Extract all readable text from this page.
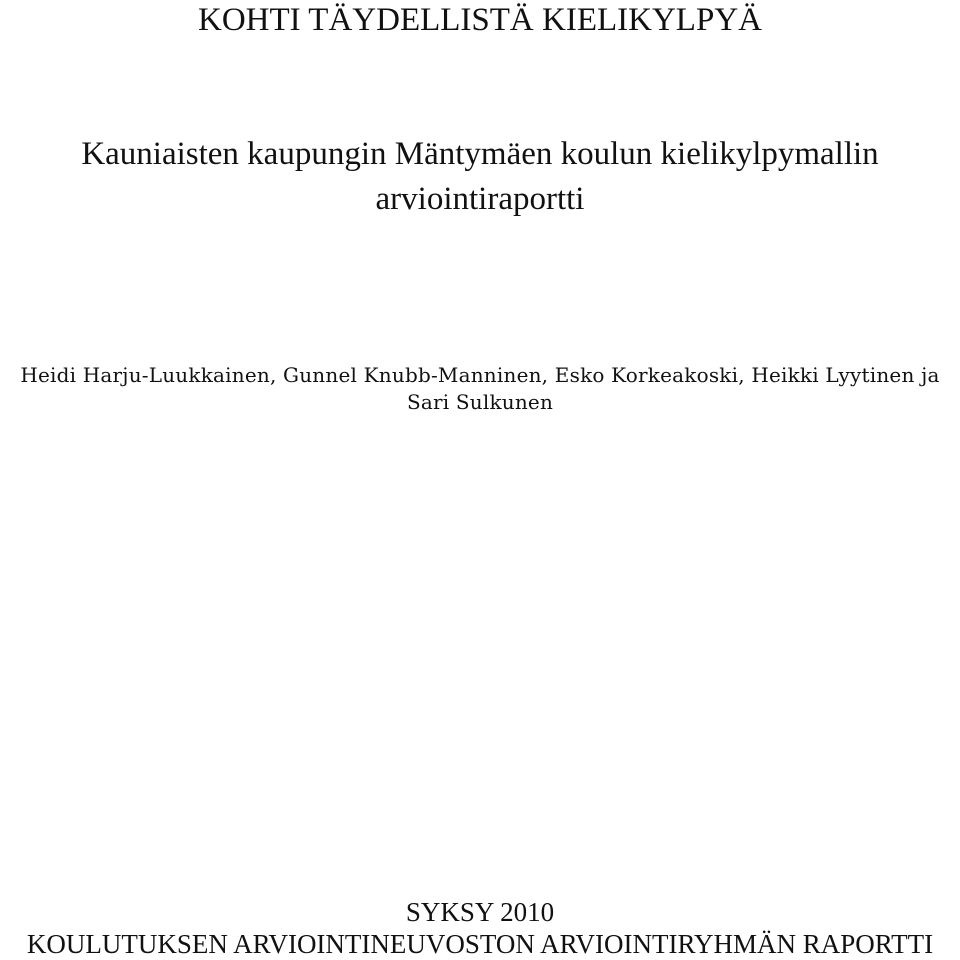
KOHTI TÄYDELLISTÄ KIELIKYLPYÄ

Kauniaisten kaupungin Mäntymäen koulun kielikylpymallin

arviointiraportti

Heidi Harju-Luukkainen, Gunnel Knubb-Manninen, Esko Korkeakoski, Heikki Lyytinen ja

Sari Sulkunen

SYKSY 2010

KOULUTUKSEN ARVIOINTINEUVOSTON ARVIOINTIRYHMÄN RAPORTTI
